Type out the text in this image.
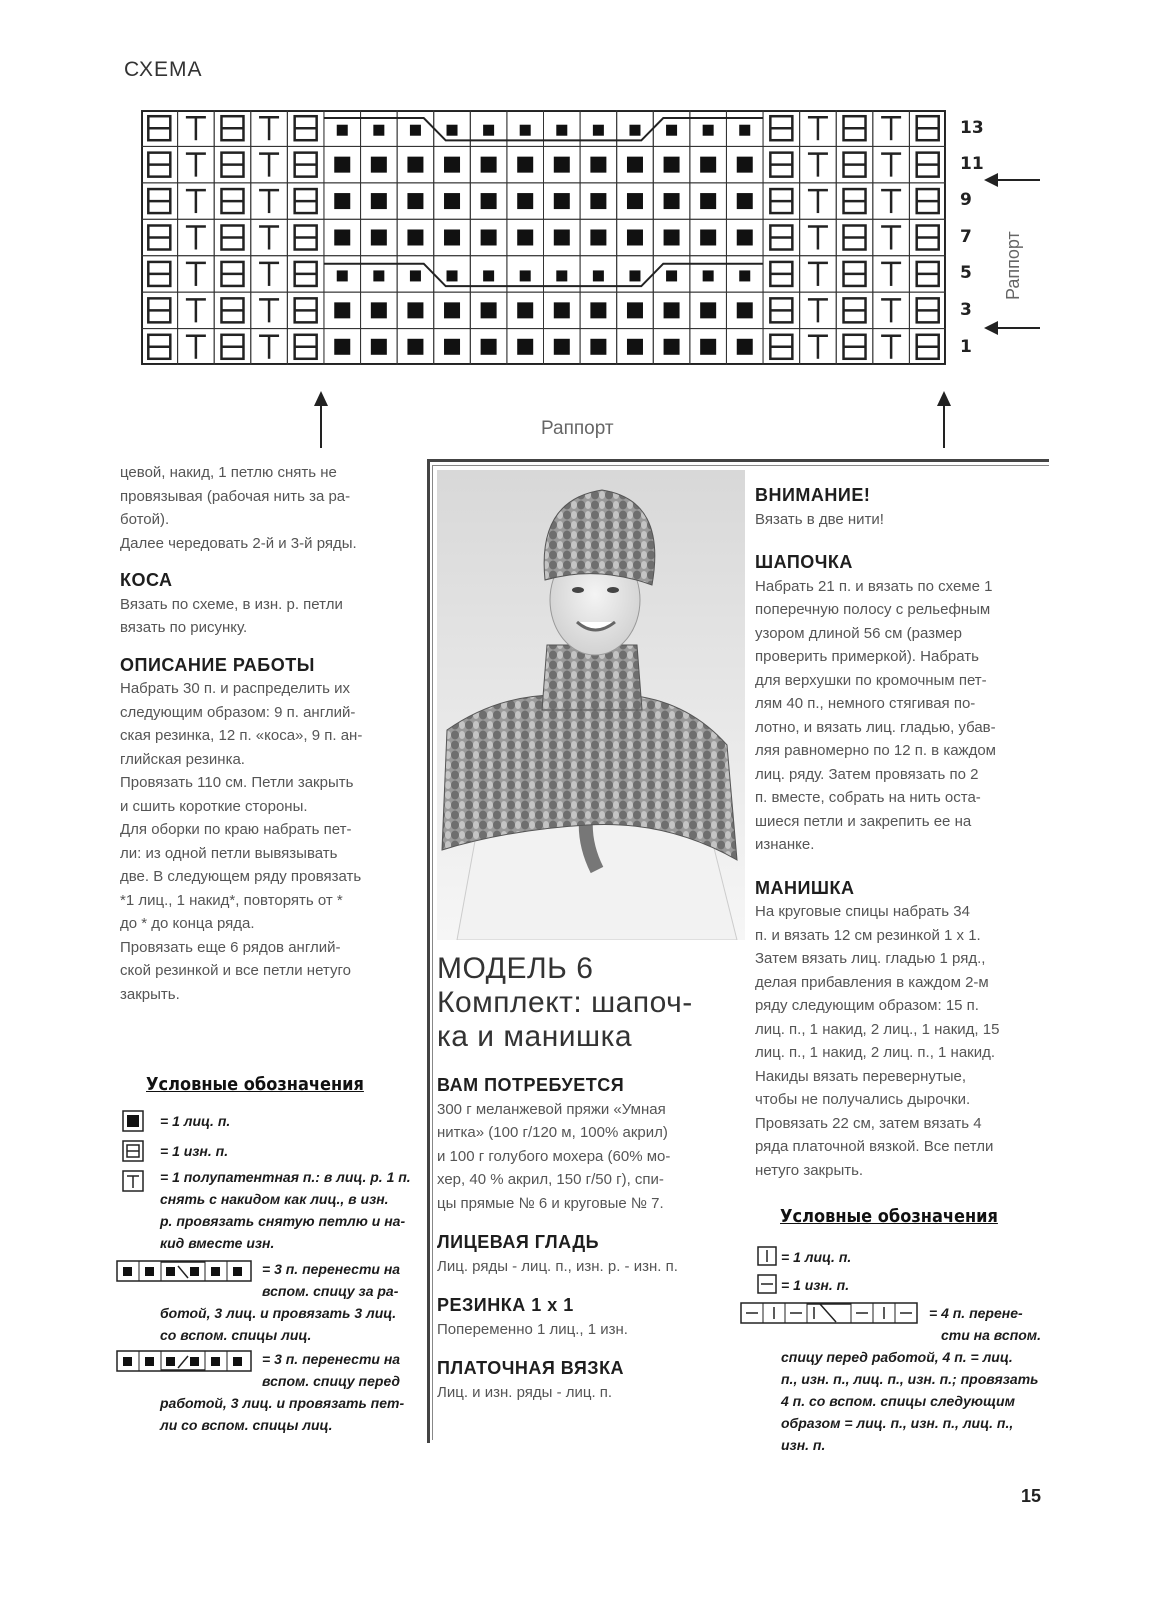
СХЕМА
13
11
9
7
5
3
1
Раппорт
Раппорт

цевой, накид, 1 петлю снять не

провязывая (рабочая нить за ра-

ботой).

Далее чередовать 2-й и 3-й ряды.

КОСА

Вязать по схеме, в изн. р. петли

вязать по рисунку.

ОПИСАНИЕ РАБОТЫ

Набрать 30 п. и распределить их

следующим образом: 9 п. англий-

ская резинка, 12 п. «коса», 9 п. ан-

глийская резинка.

Провязать 110 см. Петли закрыть

и сшить короткие стороны.

Для оборки по краю набрать пет-

ли: из одной петли вывязывать

две. В следующем ряду провязать

*1 лиц., 1 накид*, повторять от *

до * до конца ряда.

Провязать еще 6 рядов англий-

ской резинкой и все петли нетуго

закрыть.

Условные обозначения
= 1 лиц. п.
= 1 изн. п.
= 1 полупатентная п.: в лиц. р. 1 п.
снять с накидом как лиц., в изн.
р. провязать снятую петлю и на-
кид вместе изн.
= 3 п. перенести на
вспом. спицу за ра-
ботой, 3 лиц. и провязать 3 лиц.
со вспом. спицы лиц.
= 3 п. перенести на
вспом. спицу перед
работой, 3 лиц. и провязать пет-
ли со вспом. спицы лиц.
МОДЕЛЬ 6
Комплект: шапоч-
ка и манишка

ВАМ ПОТРЕБУЕТСЯ

300 г меланжевой пряжи «Умная

нитка» (100 г/120 м, 100% акрил)

и 100 г голубого мохера (60% мо-

хер, 40 % акрил, 150 г/50 г), спи-

цы прямые № 6 и круговые № 7.

ЛИЦЕВАЯ ГЛАДЬ

Лиц. ряды - лиц. п., изн. р. - изн. п.

РЕЗИНКА 1 х 1

Попеременно 1 лиц., 1 изн.

ПЛАТОЧНАЯ ВЯЗКА

Лиц. и изн. ряды - лиц. п.

ВНИМАНИЕ!

Вязать в две нити!

ШАПОЧКА

Набрать 21 п. и вязать по схеме 1

поперечную полосу с рельефным

узором длиной 56 см (размер

проверить примеркой). Набрать

для верхушки по кромочным пет-

лям 40 п., немного стягивая по-

лотно, и вязать лиц. гладью, убав-

ляя равномерно по 12 п. в каждом

лиц. ряду. Затем провязать по 2

п. вместе, собрать на нить оста-

шиеся петли и закрепить ее на

изнанке.

МАНИШКА

На круговые спицы набрать 34

п. и вязать 12 см резинкой 1 х 1.

Затем вязать лиц. гладью 1 ряд.,

делая прибавления в каждом 2-м

ряду следующим образом: 15 п.

лиц. п., 1 накид, 2 лиц., 1 накид, 15

лиц. п., 1 накид, 2 лиц. п., 1 накид.

Накиды вязать перевернутые,

чтобы не получались дырочки.

Провязать 22 см, затем вязать 4

ряда платочной вязкой. Все петли

нетуго закрыть.

Условные обозначения
= 1 лиц. п.
= 1 изн. п.
= 4 п. перене-
сти на вспом.
спицу перед работой, 4 п. = лиц.
п., изн. п., лиц. п., изн. п.; провязать
4 п. со вспом. спицы следующим
образом = лиц. п., изн. п., лиц. п.,
изн. п.
15
